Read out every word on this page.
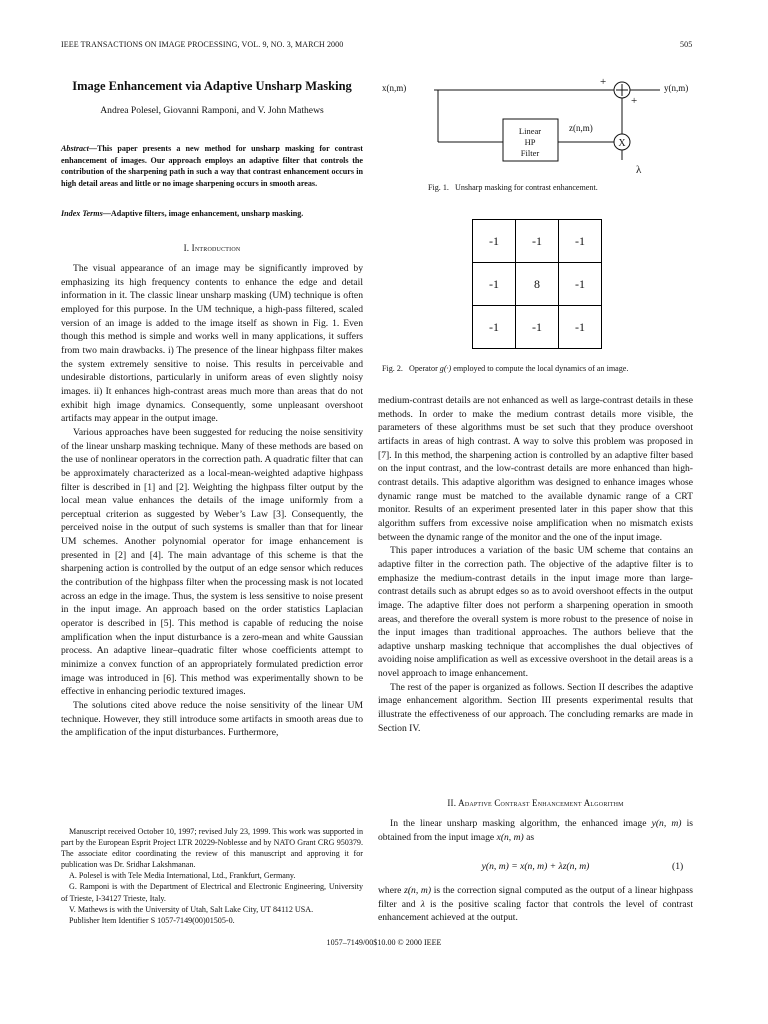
IEEE TRANSACTIONS ON IMAGE PROCESSING, VOL. 9, NO. 3, MARCH 2000	505
Image Enhancement via Adaptive Unsharp Masking
Andrea Polesel, Giovanni Ramponi, and V. John Mathews
Abstract—This paper presents a new method for unsharp masking for contrast enhancement of images. Our approach employs an adaptive filter that controls the contribution of the sharpening path in such a way that contrast enhancement occurs in high detail areas and little or no image sharpening occurs in smooth areas.
Index Terms—Adaptive filters, image enhancement, unsharp masking.
I. Introduction

The visual appearance of an image may be significantly improved by emphasizing its high frequency contents to enhance the edge and detail information in it. The classic linear unsharp masking (UM) technique is often employed for this purpose. In the UM technique, a high-pass filtered, scaled version of an image is added to the image itself as shown in Fig. 1. Even though this method is simple and works well in many applications, it suffers from two main drawbacks. i) The presence of the linear highpass filter makes the system extremely sensitive to noise. This results in perceivable and undesirable distortions, particularly in uniform areas of even slightly noisy images. ii) It enhances high-contrast areas much more than areas that do not exhibit high image dynamics. Consequently, some unpleasant overshoot artifacts may appear in the output image.

Various approaches have been suggested for reducing the noise sensitivity of the linear unsharp masking technique. Many of these methods are based on the use of nonlinear operators in the correction path. A quadratic filter that can be approximately characterized as a local-mean-weighted adaptive highpass filter is described in [1] and [2]. Weighting the highpass filter output by the local mean value enhances the details of the image uniformly from a perceptual criterion as suggested by Weber’s Law [3]. Consequently, the perceived noise in the output of such systems is smaller than that for linear UM schemes. Another polynomial operator for image enhancement is presented in [2] and [4]. The main advantage of this scheme is that the sharpening action is controlled by the output of an edge sensor which reduces the contribution of the highpass filter when the processing mask is not located across an edge in the image. Thus, the system is less sensitive to noise present in the input image. An approach based on the order statistics Laplacian operator is described in [5]. This method is capable of reducing the noise amplification when the input disturbance is a zero-mean and white Gaussian process. An adaptive linear–quadratic filter whose coefficients attempt to minimize a convex function of an appropriately formulated prediction error image was introduced in [6]. This method was experimentally shown to be effective in enhancing periodic textured images.

The solutions cited above reduce the noise sensitivity of the linear UM technique. However, they still introduce some artifacts in smooth areas due to the amplification of the input disturbances. Furthermore,

Manuscript received October 10, 1997; revised July 23, 1999. This work was supported in part by the European Esprit Project LTR 20229-Noblesse and by NATO Grant CRG 950379. The associate editor coordinating the review of this manuscript and approving it for publication was Dr. Sridhar Lakshmanan.

A. Polesel is with Tele Media International, Ltd., Frankfurt, Germany.

G. Ramponi is with the Department of Electrical and Electronic Engineering, University of Trieste, I-34127 Trieste, Italy.

V. Mathews is with the University of Utah, Salt Lake City, UT 84112 USA.

Publisher Item Identifier S 1057-7149(00)01505-0.

x(n,m)	y(n,m)
+
+
z(n,m)
λ
Linear
HP
Filter
X
Fig. 1. Unsharp masking for contrast enhancement.
-1	-1	-1
-1	8	-1
-1	-1	-1
Fig. 2. Operator g(·) employed to compute the local dynamics of an image.

medium-contrast details are not enhanced as well as large-contrast details in these methods. In order to make the medium contrast details more visible, the parameters of these algorithms must be set such that they produce overshoot artifacts in areas of high contrast. A way to solve this problem was proposed in [7]. In this method, the sharpening action is controlled by an adaptive filter based on the input contrast, and the low-contrast details are more enhanced than high-contrast details. This adaptive algorithm was designed to enhance images whose dynamic range must be matched to the available dynamic range of a CRT monitor. Results of an experiment presented later in this paper show that this algorithm suffers from excessive noise amplification when no mismatch exists between the dynamic range of the monitor and the one of the input image.

This paper introduces a variation of the basic UM scheme that contains an adaptive filter in the correction path. The objective of the adaptive filter is to emphasize the medium-contrast details in the input image more than large-contrast details such as abrupt edges so as to avoid overshoot effects in the output image. The adaptive filter does not perform a sharpening operation in smooth areas, and therefore the overall system is more robust to the presence of noise in the input images than traditional approaches. The authors believe that the adaptive unsharp masking technique that accomplishes the dual objectives of avoiding noise amplification as well as excessive overshoot in the detail areas is a novel approach to image enhancement.

The rest of the paper is organized as follows. Section II describes the adaptive image enhancement algorithm. Section III presents experimental results that illustrate the effectiveness of our approach. The concluding remarks are made in Section IV.

II. Adaptive Contrast Enhancement Algorithm

In the linear unsharp masking algorithm, the enhanced image y(n, m) is obtained from the input image x(n, m) as

y(n, m) = x(n, m) + λz(n, m)	(1)

where z(n, m) is the correction signal computed as the output of a linear highpass filter and λ is the positive scaling factor that controls the level of contrast enhancement achieved at the output.

1057–7149/00$10.00 © 2000 IEEE
